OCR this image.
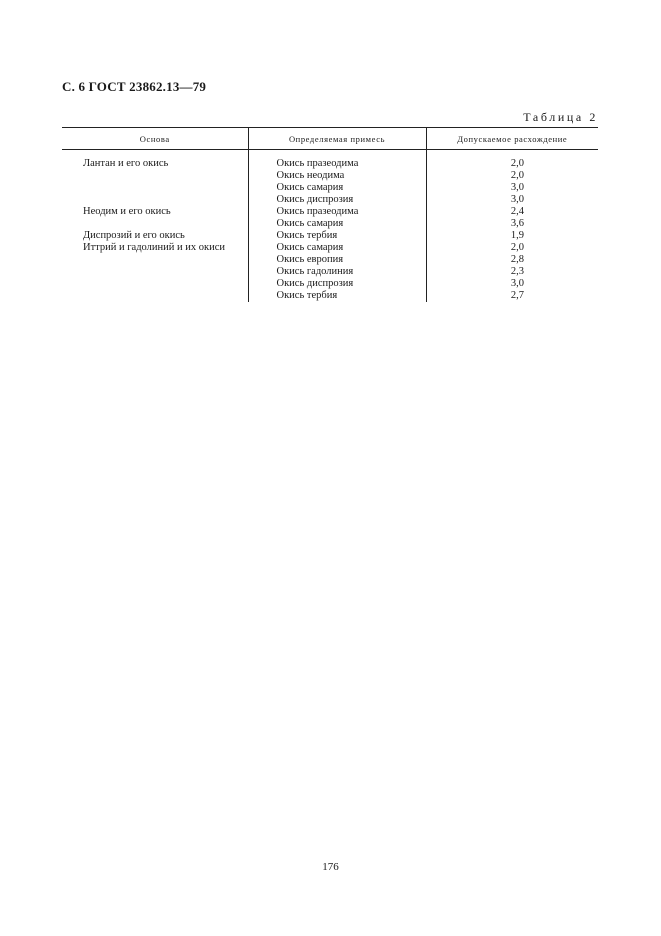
С. 6 ГОСТ 23862.13—79
Таблица 2
Основа	Определяемая примесь	Допускаемое расхождение

Лантан и его окись	Окись празеодима	2,0
	Окись неодима	2,0
	Окись самария	3,0
	Окись диспрозия	3,0
Неодим и его окись	Окись празеодима	2,4
	Окись самария	3,6
Диспрозий и его окись	Окись тербия	1,9
Иттрий и гадолиний и их окиси	Окись самария	2,0
	Окись европия	2,8
	Окись гадолиния	2,3
	Окись диспрозия	3,0
	Окись тербия	2,7
176
